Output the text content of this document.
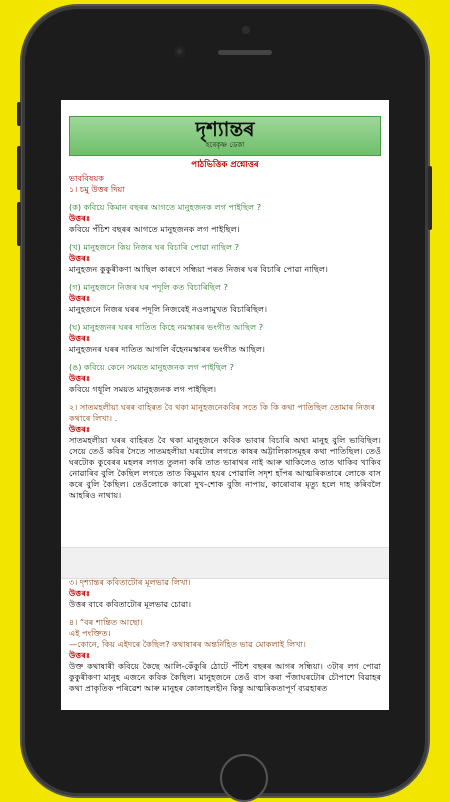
দৃশ্যান্তৰ
হৰেকৃষ্ণ ডেকা
পাঠভিত্তিক প্ৰশ্নোত্তৰ
ভাববিষয়ক
১। চমু উত্তৰ দিয়া
(ক) কবিয়ে কিমান বছৰৰ আগতে মানুহজনক লগ পাইছিল ?
উত্তৰঃ
কবিয়ে পঁচিশ বছৰৰ আগতে মানুহজনক লগ পাইছিল।
(খ) মানুহজনে কিয় নিজৰ ঘৰ বিচাৰি পোৱা নাছিল ?
উত্তৰঃ
মানুহজন কুকুৰীকণা আছিল কাৰণে সন্ধিয়া পৰত নিজৰ ঘৰ বিচাৰি পোৱা নাছিল।
(গ) মানুহজনে নিজৰ ঘৰ পদূলি কত বিচাৰিছিল ?
উত্তৰঃ
মানুহজনে নিজৰ ঘৰৰ পদূলি নিজবেই নওলামুখত বিচাৰিছিল।
(ঘ) মানুহজনৰ ঘৰৰ দাতিত কিহে নমস্কাৰৰ ভংগীত আছিল ?
উত্তৰঃ
মানুহজনৰ ঘৰৰ দাতিত আগলি বঁহেনমস্কাৰৰ ভংগীত আছিল।
(ঙ) কবিয়ে কেনে সময়ত মানুহজনক লগ পাইছিল ?
উত্তৰঃ
কবিয়ে গধূলি সময়ত মানুহজনক লগ পাইছিল।
২। সাতমহলীয়া ঘৰৰ বাহিৰত বৈ থকা মানুহজনেকবিৰ সতে কি কি কথা পাতিছিল তোমাৰ নিজৰ কথাৰে লিখা। .
উত্তৰঃ
সাতমহলীয়া ঘৰৰ বাহিৰত বৈ থকা মানুহজনে কবিক ভাবাৰ বিচাৰি অথা মানুহ বুলি ভাবিছিল। সেয়ে তেওঁ কবিৰ সৈতে সাতমহলীয়া ঘৰটোৰ লগতে কাষৰ অট্টালিকাসমূহৰ কথা পাতিছিল। তেওঁ ঘৰটোক কুবেৰৰ মহলৰ লগত তুলনা কৰি তাত ভাৰাথৰ নাই আৰু থাকিলেও তাত থাকিব খাকিব নোৱাৰিব বুলি কৈছিল লগতে তাত কিমুমান হযৰ পোৱালি সদৃশ হাঁপৰ আত্মৰিকতাৰে লোকে বাস কৰে বুলি কৈছিল। তেওঁলোকে কাৰো দুখ-শোক বুজি নাপায়, কাৰোবাৰ মৃত্যু হলে দাহ কৰিবলৈ আহৰিও নাথায়।
৩। দৃশ্যান্তৰ কবিতাটোৰ মূলভাৱ লিখা।
উত্তৰঃ
উত্তৰ বাবে কবিতাটোৰ মূলভাৱ চোৱা।
৪। “বৰ শান্তিত আছো।
এই পংক্তিত।
—কোনে, কিয় এইদৰে কৈছিল? কথাষাৰৰ অন্তৰ্নিহিত ভাৱ মোকলাই লিখা।
উত্তৰঃ
উক্ত কথাষাৰী কবিয়ে কৈছে আলি-কেঁকুৰি ঠোটে পঁচিশ বছৰৰ আগৰ সন্ধিয়া। ৩টাৰ লগ পোৱা কুকুৰীকণা মানুহ এজনে কবিক কৈছিল। মানুহজনে তেওঁ বাস কৰা পঁজাঘৰটোৰ চৌপাশে বিৱাহৰ কথা প্ৰাকৃতিক পৰিৱেশ আৰু মানুহৰ কোলাহলহীন কিন্তু আত্মৰিকতাপূৰ্ণ ব্যৱহাৰত
